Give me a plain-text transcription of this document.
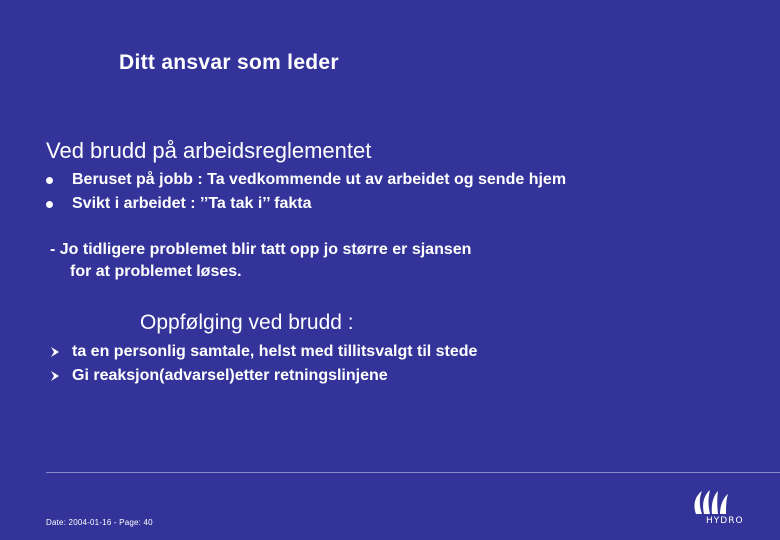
Ditt ansvar som leder
Ved brudd på arbeidsreglementet
Beruset på jobb : Ta vedkommende ut av arbeidet og sende hjem
Svikt i arbeidet : ’’Ta tak i’’ fakta
- Jo tidligere problemet blir tatt opp jo større er sjansen
for at problemet løses.
Oppfølging ved brudd :
ta en personlig samtale, helst med tillitsvalgt til stede
Gi reaksjon(advarsel)etter retningslinjene
Date: 2004-01-16 - Page: 40	HYDRO
